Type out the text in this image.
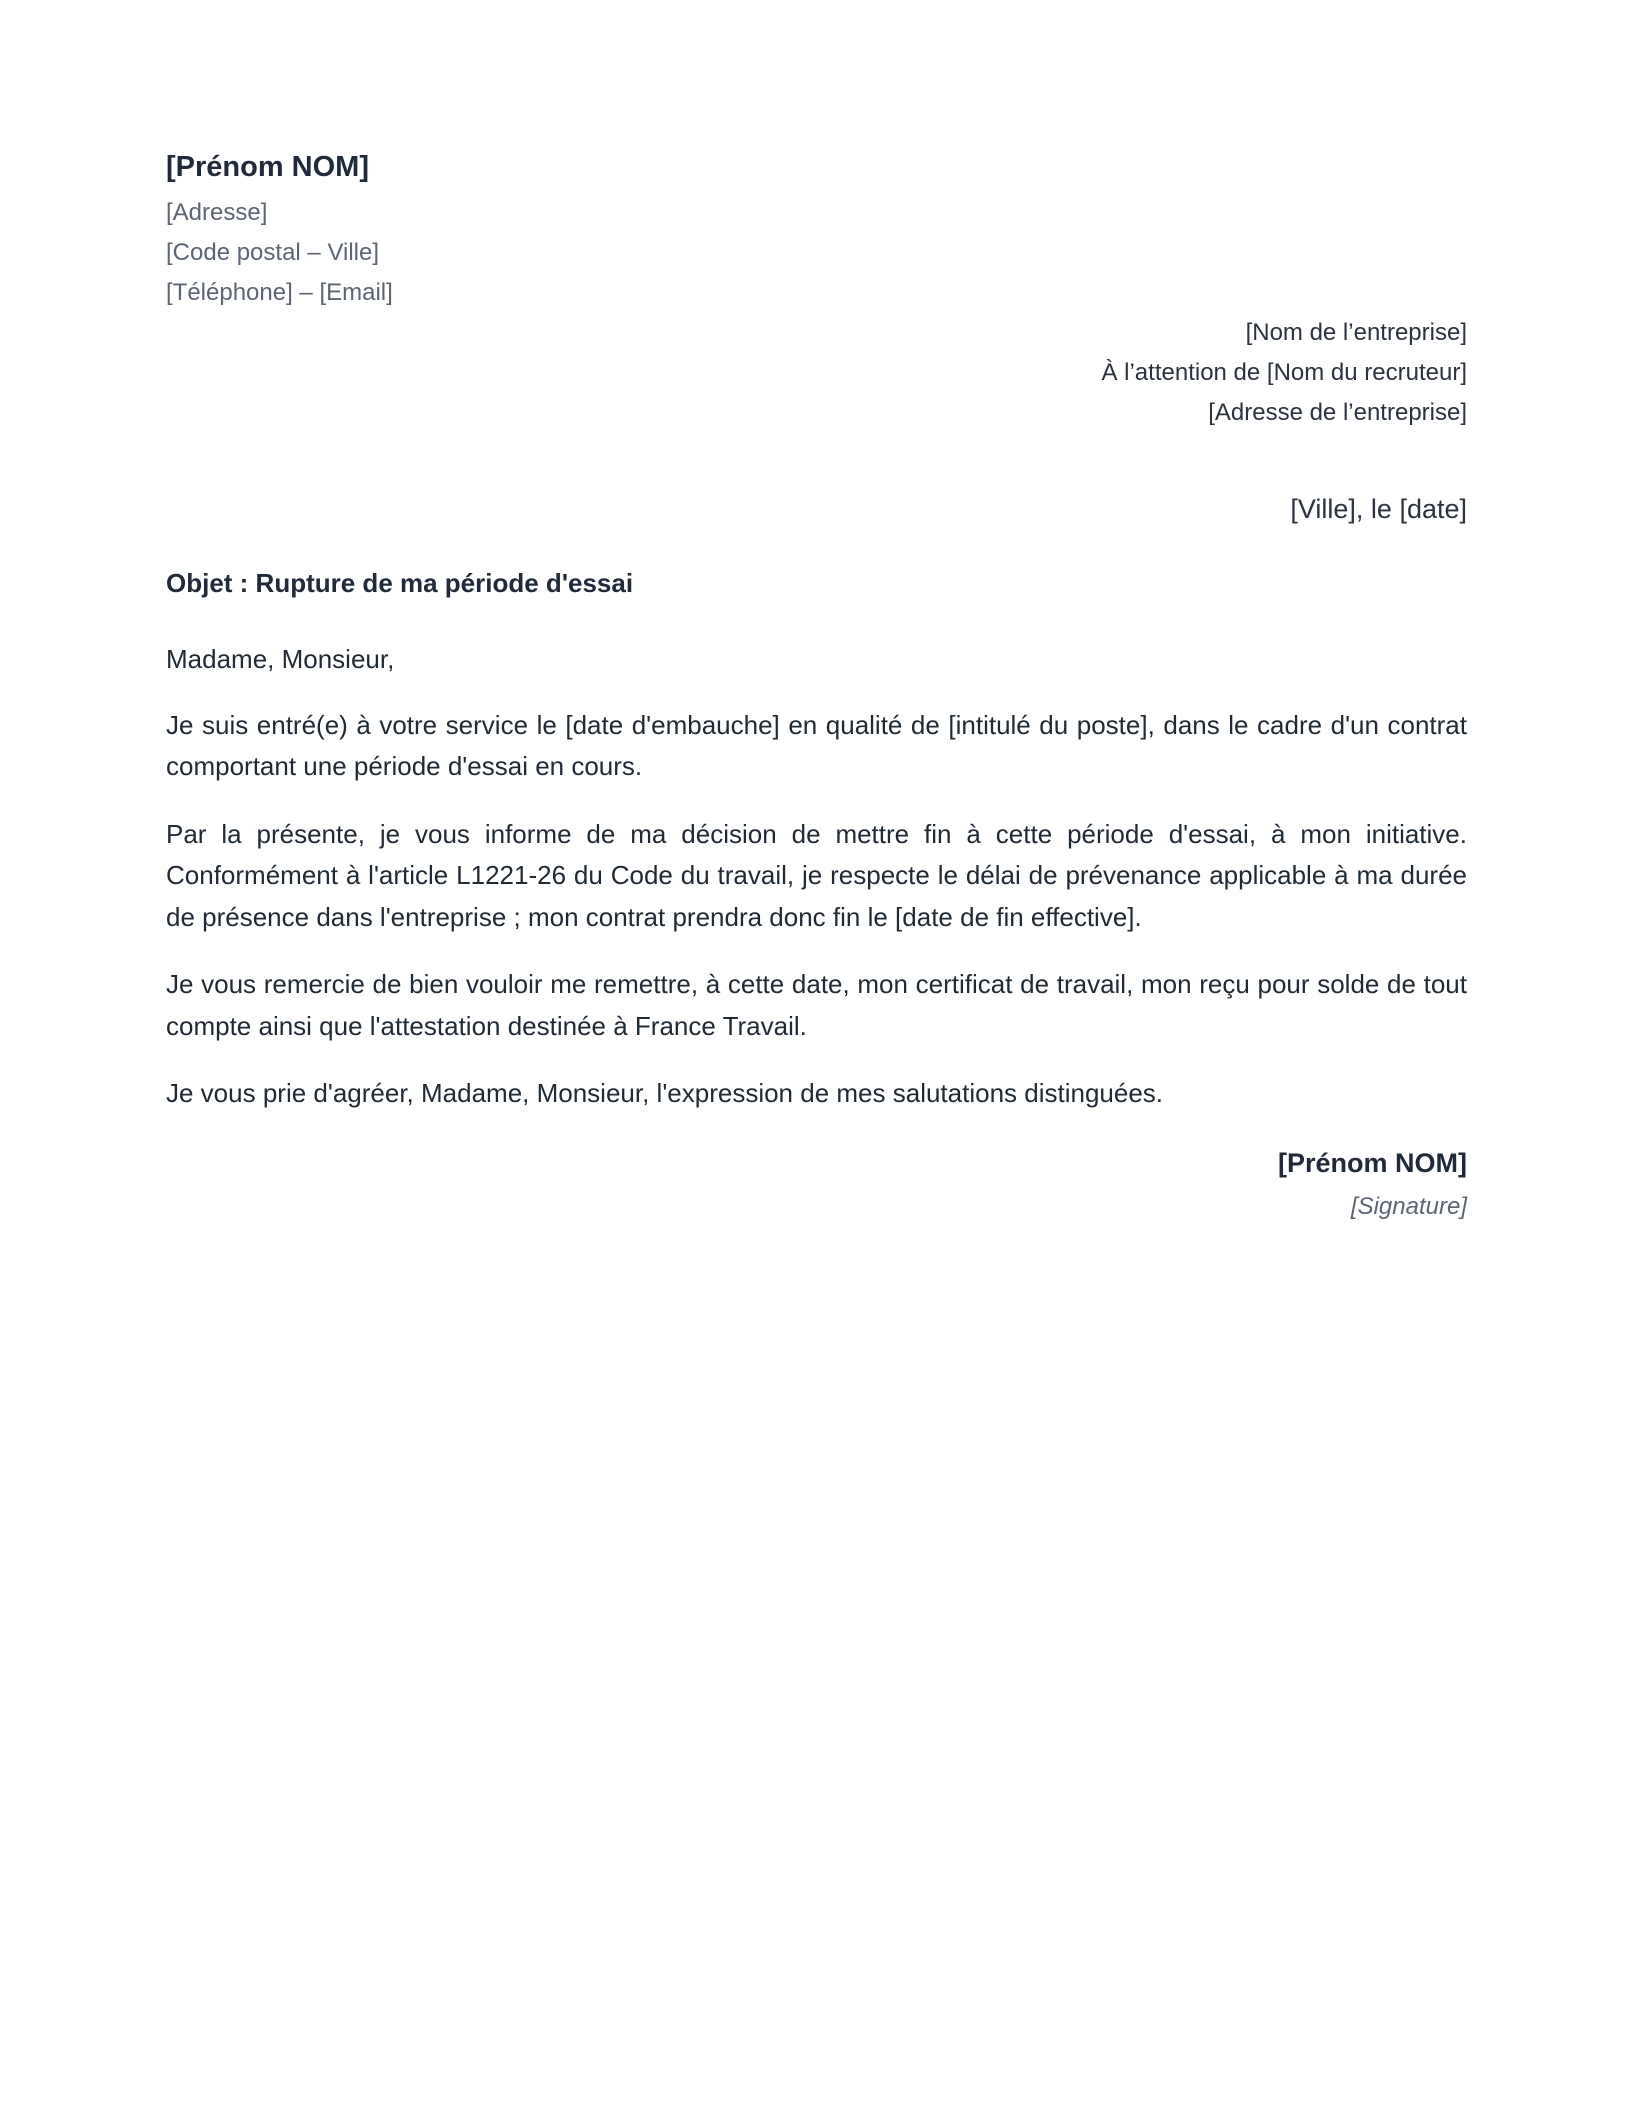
[Prénom NOM]
[Adresse]
[Code postal – Ville]
[Téléphone] – [Email]
[Nom de l’entreprise]
À l’attention de [Nom du recruteur]
[Adresse de l’entreprise]
[Ville], le [date]
Objet : Rupture de ma période d'essai
Madame, Monsieur,
Je suis entré(e) à votre service le [date d'embauche] en qualité de [intitulé du poste], dans le cadre d'un contrat comportant une période d'essai en cours.
Par la présente, je vous informe de ma décision de mettre fin à cette période d'essai, à mon initiative. Conformément à l'article L1221-26 du Code du travail, je respecte le délai de prévenance applicable à ma durée de présence dans l'entreprise ; mon contrat prendra donc fin le [date de fin effective].
Je vous remercie de bien vouloir me remettre, à cette date, mon certificat de travail, mon reçu pour solde de tout compte ainsi que l'attestation destinée à France Travail.
Je vous prie d'agréer, Madame, Monsieur, l'expression de mes salutations distinguées.
[Prénom NOM]
[Signature]
